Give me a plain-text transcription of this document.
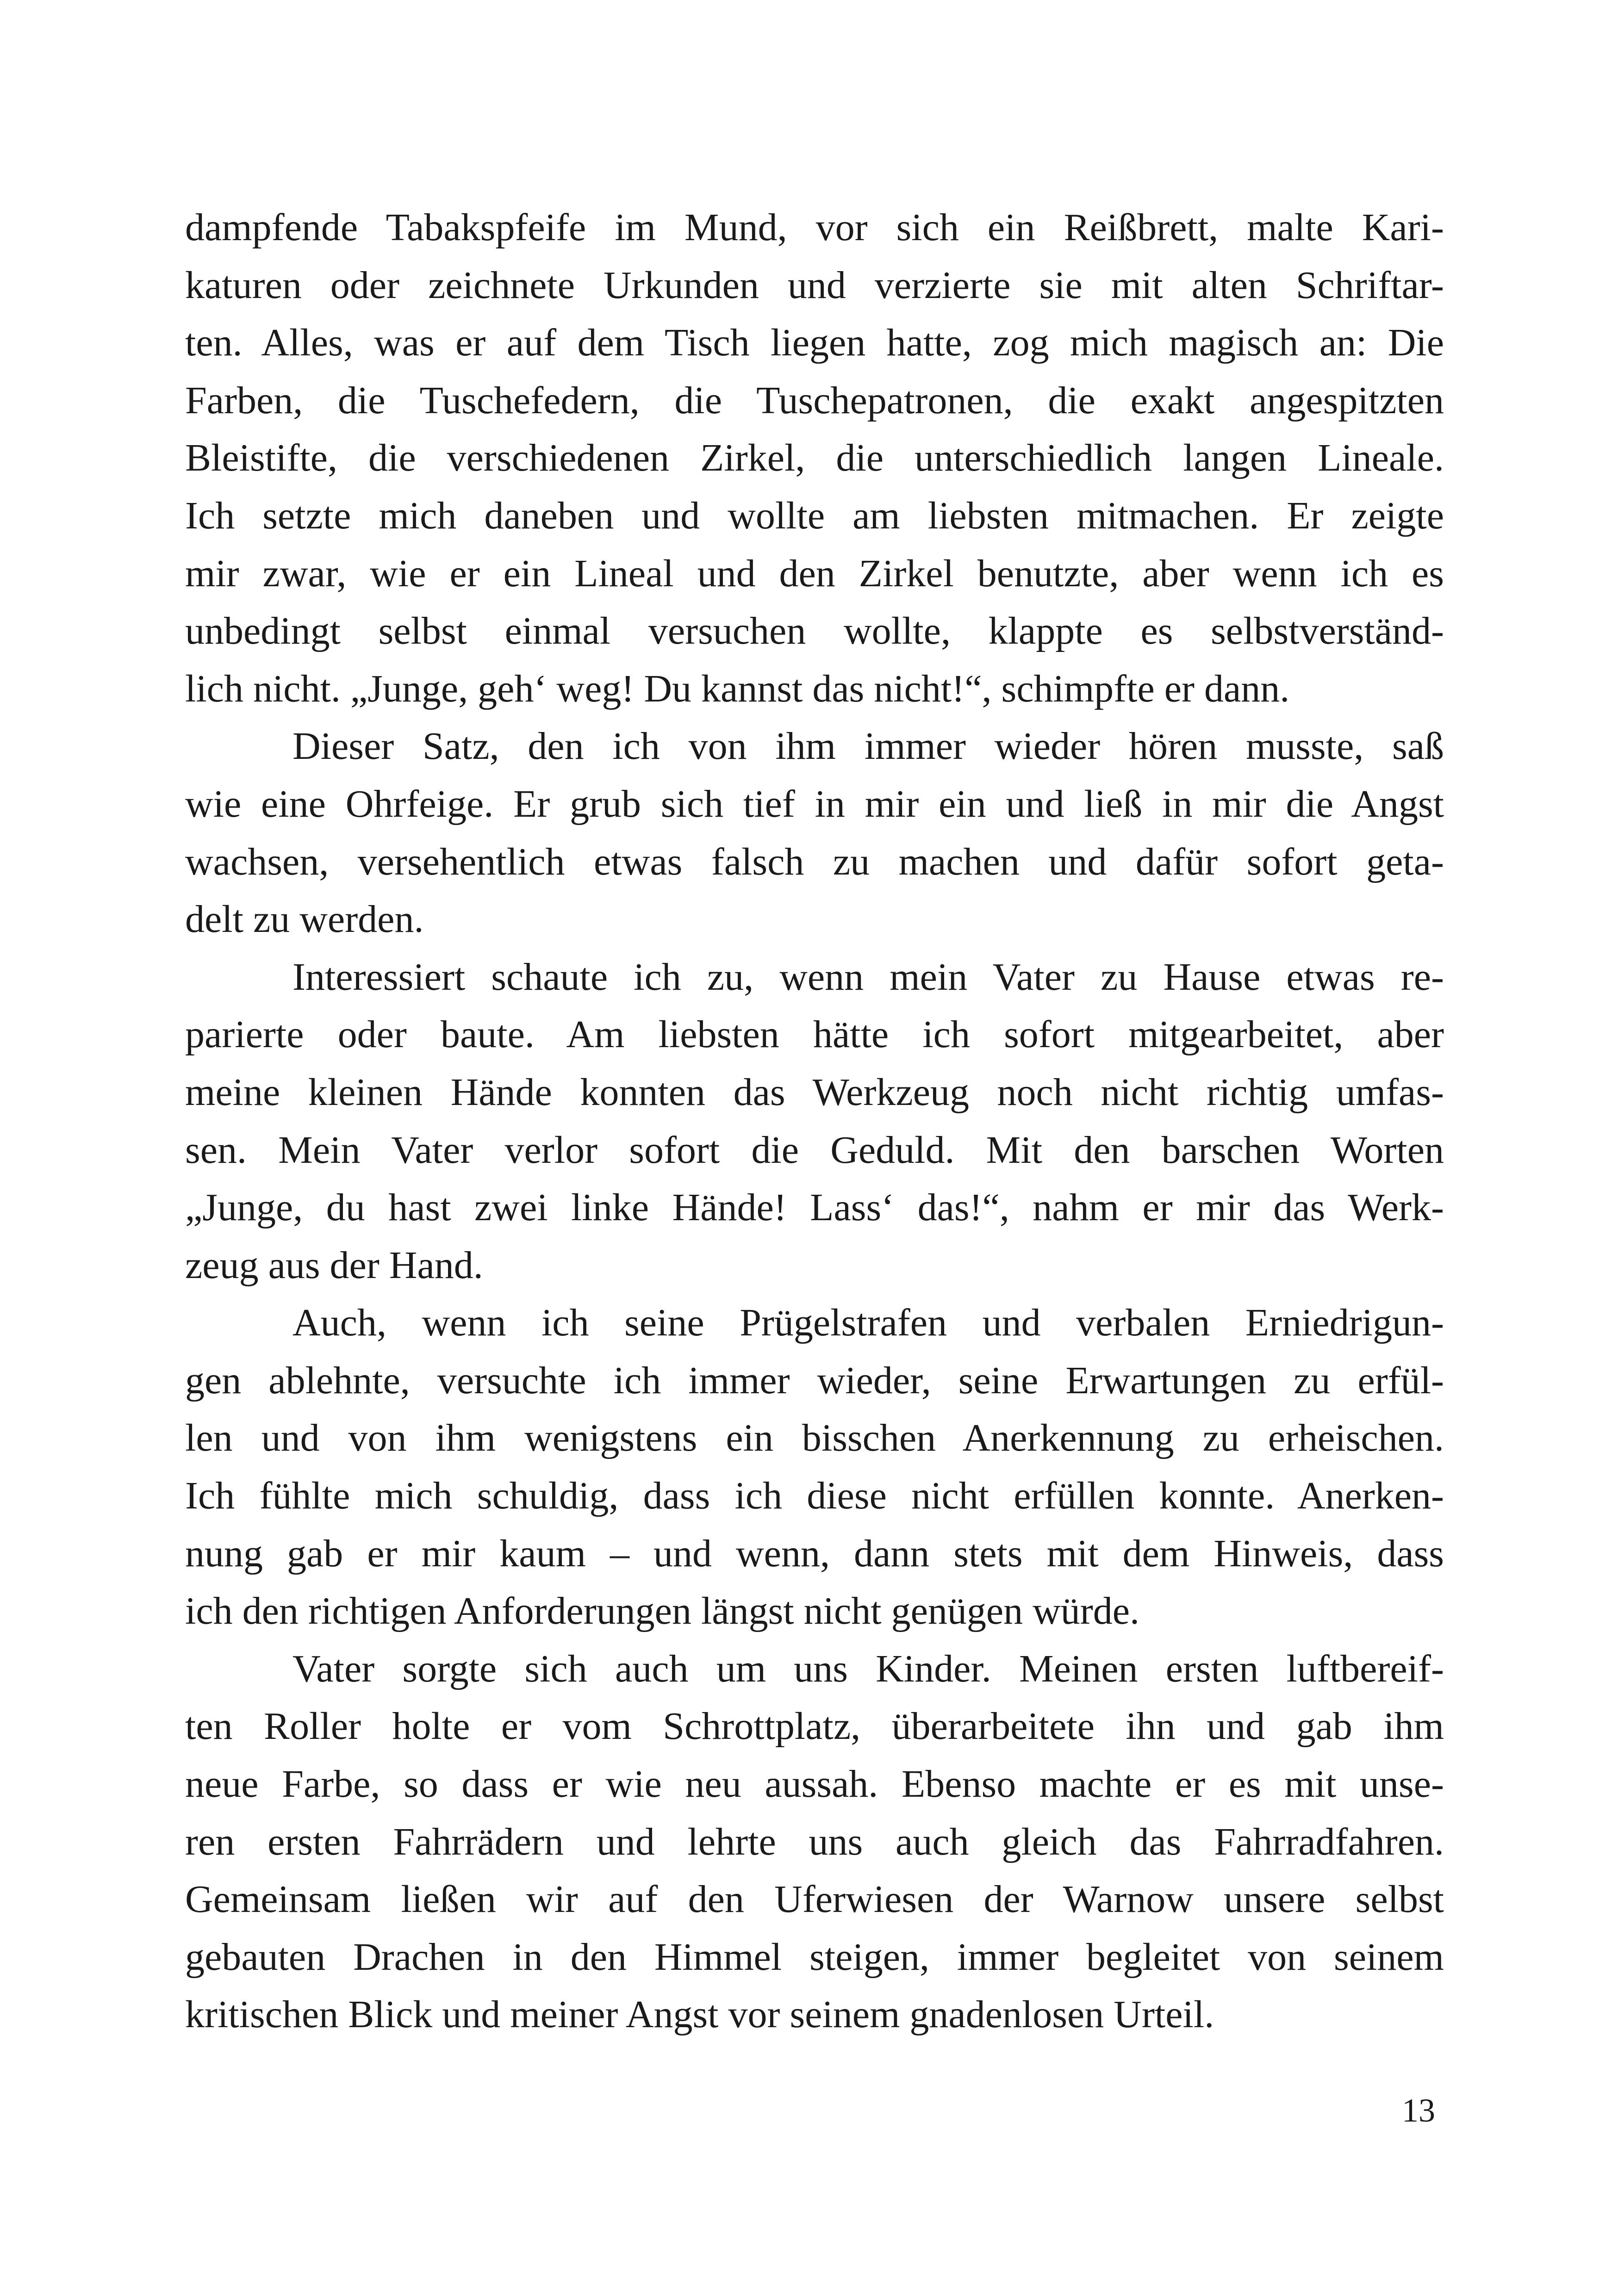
dampfende Tabakspfeife im Mund, vor sich ein Reißbrett, malte Kari-
katuren oder zeichnete Urkunden und verzierte sie mit alten Schriftar-
ten. Alles, was er auf dem Tisch liegen hatte, zog mich magisch an: Die
Farben, die Tuschefedern, die Tuschepatronen, die exakt angespitzten
Bleistifte, die verschiedenen Zirkel, die unterschiedlich langen Lineale.
Ich setzte mich daneben und wollte am liebsten mitmachen. Er zeigte
mir zwar, wie er ein Lineal und den Zirkel benutzte, aber wenn ich es
unbedingt selbst einmal versuchen wollte, klappte es selbstverständ-
lich nicht. „Junge, geh‘ weg! Du kannst das nicht!“, schimpfte er dann.
Dieser Satz, den ich von ihm immer wieder hören musste, saß
wie eine Ohrfeige. Er grub sich tief in mir ein und ließ in mir die Angst
wachsen, versehentlich etwas falsch zu machen und dafür sofort geta-
delt zu werden.
Interessiert schaute ich zu, wenn mein Vater zu Hause etwas re-
parierte oder baute. Am liebsten hätte ich sofort mitgearbeitet, aber
meine kleinen Hände konnten das Werkzeug noch nicht richtig umfas-
sen. Mein Vater verlor sofort die Geduld. Mit den barschen Worten
„Junge, du hast zwei linke Hände! Lass‘ das!“, nahm er mir das Werk-
zeug aus der Hand.
Auch, wenn ich seine Prügelstrafen und verbalen Erniedrigun-
gen ablehnte, versuchte ich immer wieder, seine Erwartungen zu erfül-
len und von ihm wenigstens ein bisschen Anerkennung zu erheischen.
Ich fühlte mich schuldig, dass ich diese nicht erfüllen konnte. Anerken-
nung gab er mir kaum – und wenn, dann stets mit dem Hinweis, dass
ich den richtigen Anforderungen längst nicht genügen würde.
Vater sorgte sich auch um uns Kinder. Meinen ersten luftbereif-
ten Roller holte er vom Schrottplatz, überarbeitete ihn und gab ihm
neue Farbe, so dass er wie neu aussah. Ebenso machte er es mit unse-
ren ersten Fahrrädern und lehrte uns auch gleich das Fahrradfahren.
Gemeinsam ließen wir auf den Uferwiesen der Warnow unsere selbst
gebauten Drachen in den Himmel steigen, immer begleitet von seinem
kritischen Blick und meiner Angst vor seinem gnadenlosen Urteil.
13
